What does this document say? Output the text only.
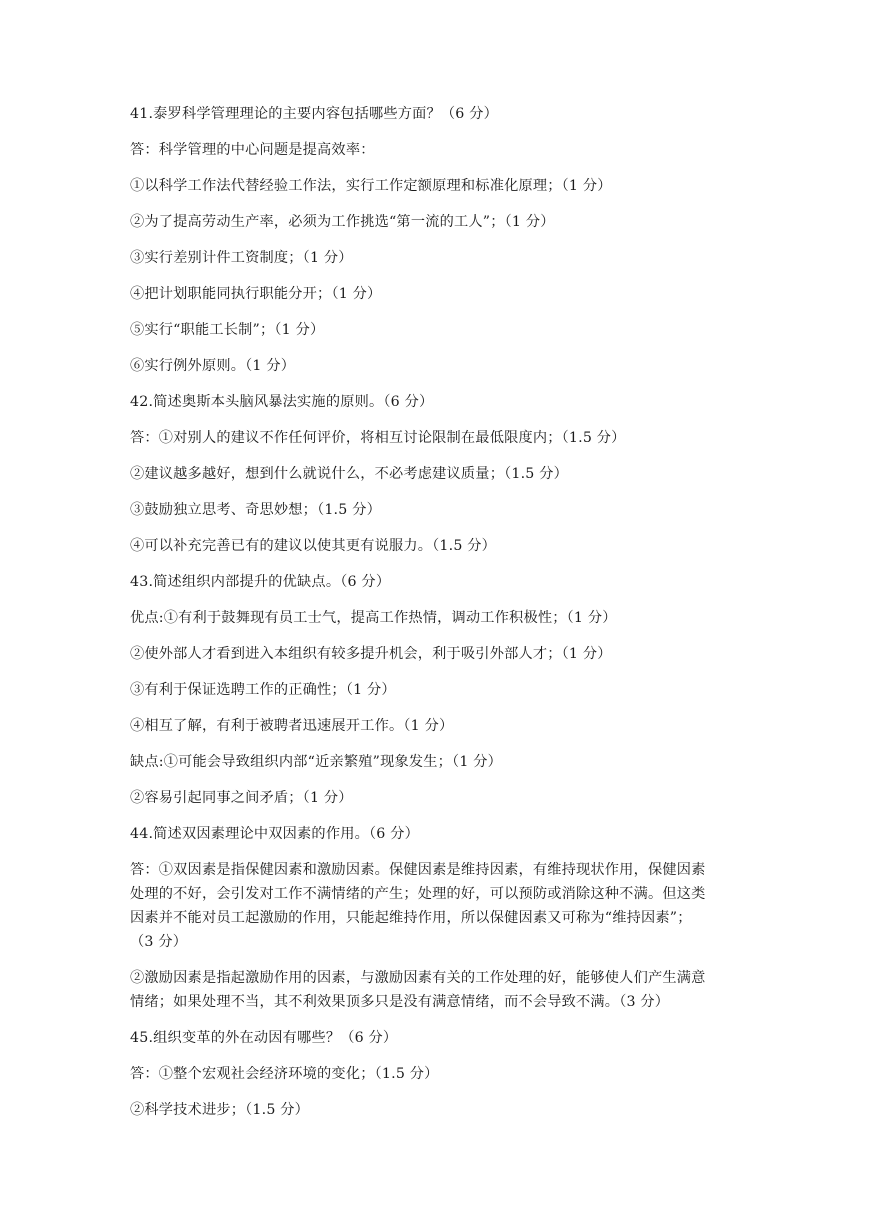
41.泰罗科学管理理论的主要内容包括哪些方面？（6 分）

答：科学管理的中心问题是提高效率：

①以科学工作法代替经验工作法，实行工作定额原理和标准化原理；（1 分）

②为了提高劳动生产率，必须为工作挑选“第一流的工人”；（1 分）

③实行差别计件工资制度；（1 分）

④把计划职能同执行职能分开；（1 分）

⑤实行“职能工长制”；（1 分）

⑥实行例外原则。（1 分）

42.简述奥斯本头脑风暴法实施的原则。（6 分）

答：①对别人的建议不作任何评价，将相互讨论限制在最低限度内；（1.5 分）

②建议越多越好，想到什么就说什么，不必考虑建议质量；（1.5 分）

③鼓励独立思考、奇思妙想；（1.5 分）

④可以补充完善已有的建议以使其更有说服力。（1.5 分）

43.简述组织内部提升的优缺点。（6 分）

优点:①有利于鼓舞现有员工士气，提高工作热情，调动工作积极性；（1 分）

②使外部人才看到进入本组织有较多提升机会，利于吸引外部人才；（1 分）

③有利于保证选聘工作的正确性；（1 分）

④相互了解，有利于被聘者迅速展开工作。（1 分）

缺点:①可能会导致组织内部“近亲繁殖”现象发生；（1 分）

②容易引起同事之间矛盾；（1 分）

44.简述双因素理论中双因素的作用。（6 分）

答：①双因素是指保健因素和激励因素。保健因素是维持因素，有维持现状作用，保健因素
处理的不好，会引发对工作不满情绪的产生；处理的好，可以预防或消除这种不满。但这类
因素并不能对员工起激励的作用，只能起维持作用，所以保健因素又可称为“维持因素”；
（3 分）
②激励因素是指起激励作用的因素，与激励因素有关的工作处理的好，能够使人们产生满意
情绪；如果处理不当，其不利效果顶多只是没有满意情绪，而不会导致不满。（3 分）

45.组织变革的外在动因有哪些？（6 分）

答：①整个宏观社会经济环境的变化；（1.5 分）

②科学技术进步；（1.5 分）
